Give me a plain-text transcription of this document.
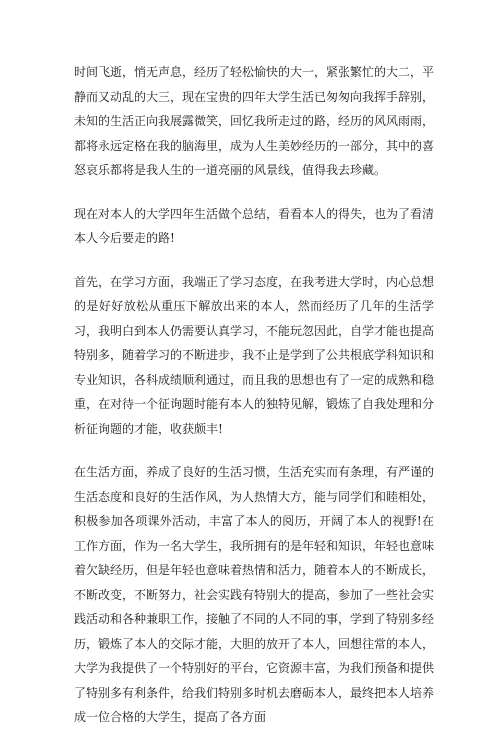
时间飞逝，悄无声息，经历了轻松愉快的大一，紧张繁忙的大二，平静而又动乱的大三，现在宝贵的四年大学生活已匆匆向我挥手辞别，未知的生活正向我展露微笑，回忆我所走过的路，经历的风风雨雨，都将永远定格在我的脑海里，成为人生美妙经历的一部分，其中的喜怒哀乐都将是我人生的一道亮丽的风景线，值得我去珍藏。

现在对本人的大学四年生活做个总结，看看本人的得失，也为了看清本人今后要走的路!

首先，在学习方面，我端正了学习态度，在我考进大学时，内心总想的是好好放松从重压下解放出来的本人，然而经历了几年的生活学习，我明白到本人仍需要认真学习，不能玩忽因此，自学才能也提高特别多，随着学习的不断进步，我不止是学到了公共根底学科知识和专业知识，各科成绩顺利通过，而且我的思想也有了一定的成熟和稳重，在对待一个征询题时能有本人的独特见解，锻炼了自我处理和分析征询题的才能，收获颇丰!

在生活方面，养成了良好的生活习惯，生活充实而有条理，有严谨的生活态度和良好的生活作风，为人热情大方，能与同学们和睦相处，积极参加各项课外活动，丰富了本人的阅历，开阔了本人的视野!在工作方面，作为一名大学生，我所拥有的是年轻和知识，年轻也意味着欠缺经历，但是年轻也意味着热情和活力，随着本人的不断成长，不断改变，不断努力，社会实践有特别大的提高，参加了一些社会实践活动和各种兼职工作，接触了不同的人不同的事，学到了特别多经历，锻炼了本人的交际才能，大胆的放开了本人，回想往常的本人，大学为我提供了一个特别好的平台，它资源丰富，为我们预备和提供了特别多有利条件，给我们特别多时机去磨砺本人，最终把本人培养成一位合格的大学生，提高了各方面
